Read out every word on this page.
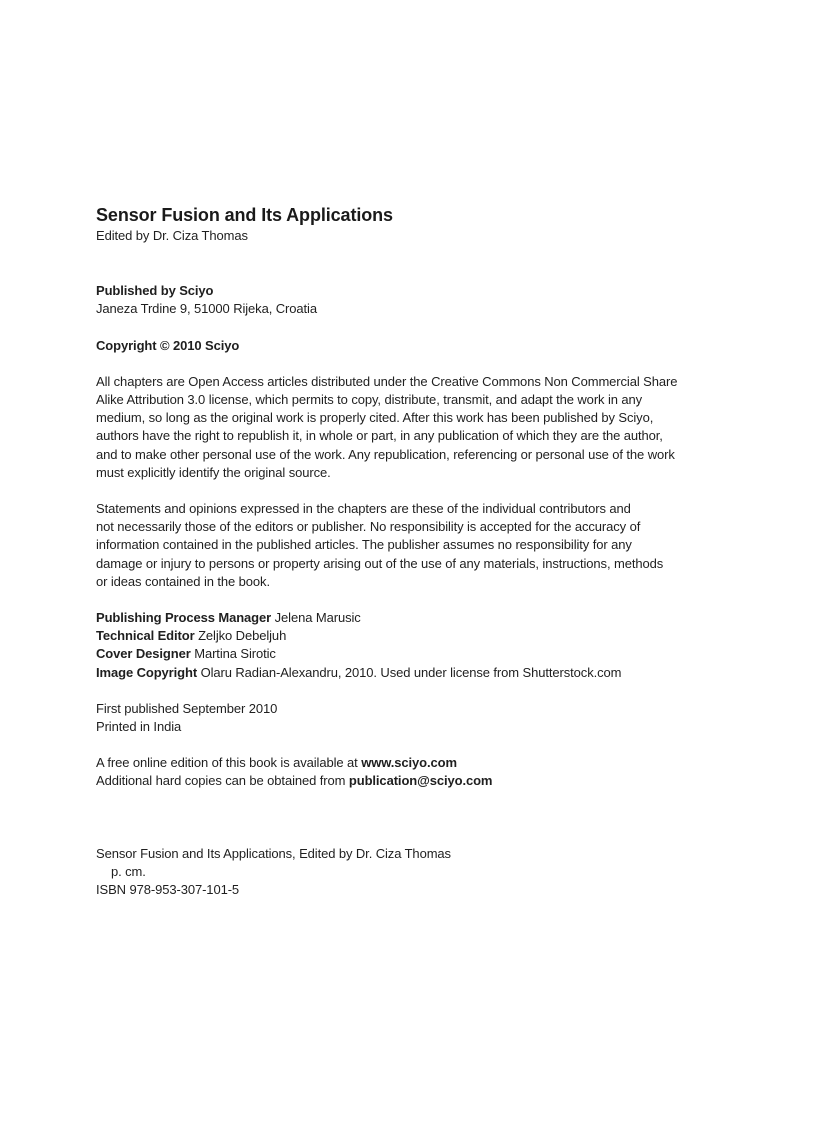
Sensor Fusion and Its Applications

Edited by Dr. Ciza Thomas

Published by Sciyo

Janeza Trdine 9, 51000 Rijeka, Croatia

Copyright © 2010 Sciyo

All chapters are Open Access articles distributed under the Creative Commons Non Commercial Share
Alike Attribution 3.0 license, which permits to copy, distribute, transmit, and adapt the work in any
medium, so long as the original work is properly cited. After this work has been published by Sciyo,
authors have the right to republish it, in whole or part, in any publication of which they are the author,
and to make other personal use of the work. Any republication, referencing or personal use of the work
must explicitly identify the original source.
Statements and opinions expressed in the chapters are these of the individual contributors and
not necessarily those of the editors or publisher. No responsibility is accepted for the accuracy of
information contained in the published articles. The publisher assumes no responsibility for any
damage or injury to persons or property arising out of the use of any materials, instructions, methods
or ideas contained in the book.
Publishing Process Manager Jelena Marusic
Technical Editor Zeljko Debeljuh
Cover Designer Martina Sirotic
Image Copyright Olaru Radian-Alexandru, 2010. Used under license from Shutterstock.com
First published September 2010
Printed in India
A free online edition of this book is available at www.sciyo.com
Additional hard copies can be obtained from publication@sciyo.com
Sensor Fusion and Its Applications, Edited by Dr. Ciza Thomas
p. cm.
ISBN 978-953-307-101-5
